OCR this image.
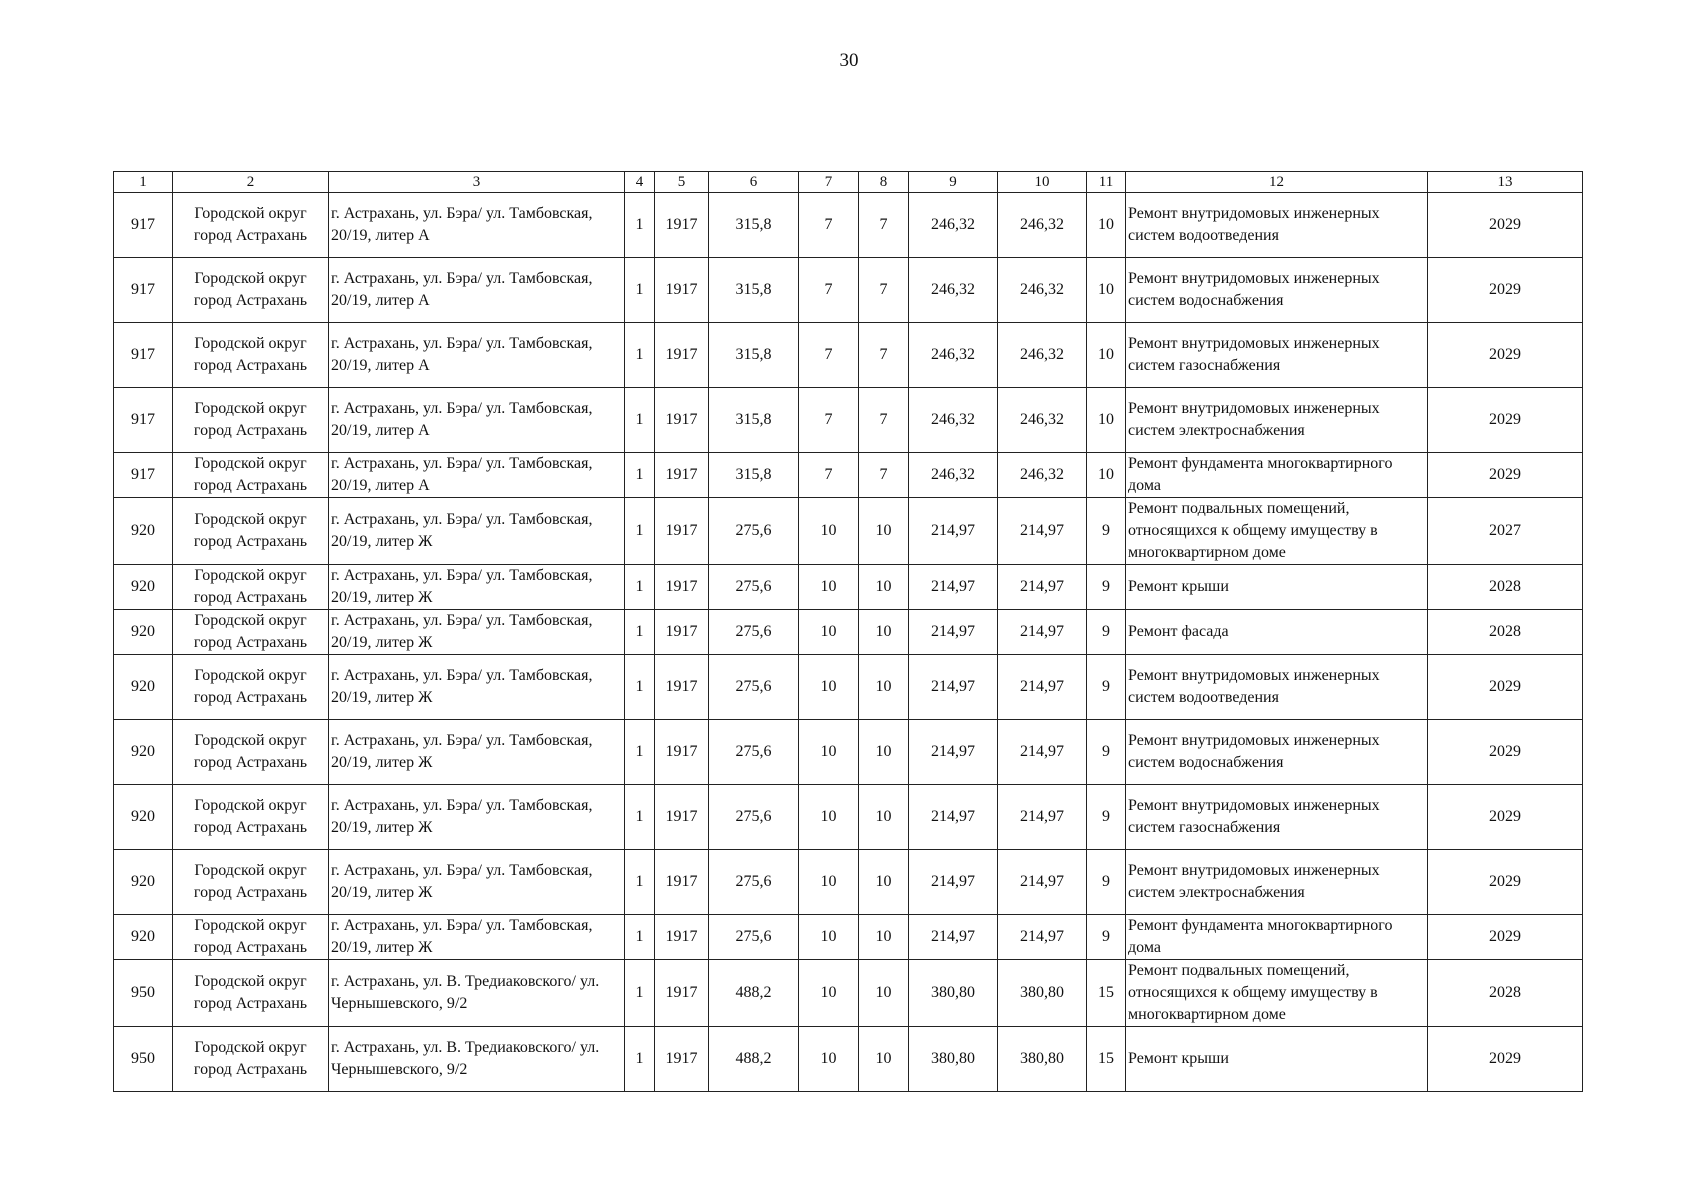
30
1	2	3	4	5	6	7	8	9	10	11	12	13
917	Городской округ город Астрахань	г. Астрахань, ул. Бэра/ ул. Тамбовская, 20/19, литер А	1	1917	315,8	7	7	246,32	246,32	10	Ремонт внутридомовых инженерных систем водоотведения	2029
917	Городской округ город Астрахань	г. Астрахань, ул. Бэра/ ул. Тамбовская, 20/19, литер А	1	1917	315,8	7	7	246,32	246,32	10	Ремонт внутридомовых инженерных систем водоснабжения	2029
917	Городской округ город Астрахань	г. Астрахань, ул. Бэра/ ул. Тамбовская, 20/19, литер А	1	1917	315,8	7	7	246,32	246,32	10	Ремонт внутридомовых инженерных систем газоснабжения	2029
917	Городской округ город Астрахань	г. Астрахань, ул. Бэра/ ул. Тамбовская, 20/19, литер А	1	1917	315,8	7	7	246,32	246,32	10	Ремонт внутридомовых инженерных систем электроснабжения	2029
917	Городской округ город Астрахань	г. Астрахань, ул. Бэра/ ул. Тамбовская, 20/19, литер А	1	1917	315,8	7	7	246,32	246,32	10	Ремонт фундамента многоквартирного дома	2029
920	Городской округ город Астрахань	г. Астрахань, ул. Бэра/ ул. Тамбовская, 20/19, литер Ж	1	1917	275,6	10	10	214,97	214,97	9	Ремонт подвальных помещений, относящихся к общему имуществу в многоквартирном доме	2027
920	Городской округ город Астрахань	г. Астрахань, ул. Бэра/ ул. Тамбовская, 20/19, литер Ж	1	1917	275,6	10	10	214,97	214,97	9	Ремонт крыши	2028
920	Городской округ город Астрахань	г. Астрахань, ул. Бэра/ ул. Тамбовская, 20/19, литер Ж	1	1917	275,6	10	10	214,97	214,97	9	Ремонт фасада	2028
920	Городской округ город Астрахань	г. Астрахань, ул. Бэра/ ул. Тамбовская, 20/19, литер Ж	1	1917	275,6	10	10	214,97	214,97	9	Ремонт внутридомовых инженерных систем водоотведения	2029
920	Городской округ город Астрахань	г. Астрахань, ул. Бэра/ ул. Тамбовская, 20/19, литер Ж	1	1917	275,6	10	10	214,97	214,97	9	Ремонт внутридомовых инженерных систем водоснабжения	2029
920	Городской округ город Астрахань	г. Астрахань, ул. Бэра/ ул. Тамбовская, 20/19, литер Ж	1	1917	275,6	10	10	214,97	214,97	9	Ремонт внутридомовых инженерных систем газоснабжения	2029
920	Городской округ город Астрахань	г. Астрахань, ул. Бэра/ ул. Тамбовская, 20/19, литер Ж	1	1917	275,6	10	10	214,97	214,97	9	Ремонт внутридомовых инженерных систем электроснабжения	2029
920	Городской округ город Астрахань	г. Астрахань, ул. Бэра/ ул. Тамбовская, 20/19, литер Ж	1	1917	275,6	10	10	214,97	214,97	9	Ремонт фундамента многоквартирного дома	2029
950	Городской округ город Астрахань	г. Астрахань, ул. В. Тредиаковского/ ул. Чернышевского, 9/2	1	1917	488,2	10	10	380,80	380,80	15	Ремонт подвальных помещений, относящихся к общему имуществу в многоквартирном доме	2028
950	Городской округ город Астрахань	г. Астрахань, ул. В. Тредиаковского/ ул. Чернышевского, 9/2	1	1917	488,2	10	10	380,80	380,80	15	Ремонт крыши	2029
